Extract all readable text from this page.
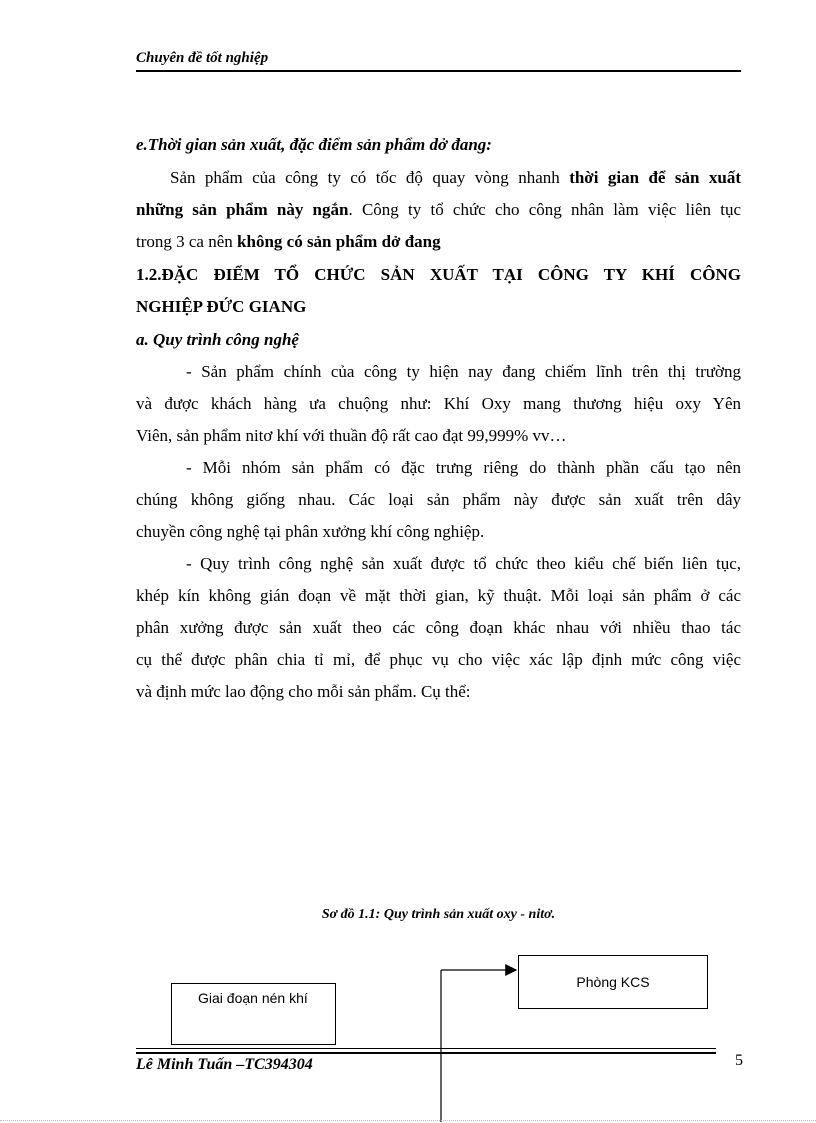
Chuyên đề tốt nghiệp
e.Thời gian sản xuất, đặc điểm sản phẩm dở đang:
Sản phẩm của công ty có tốc độ quay vòng nhanh thời gian để sản xuất
những sản phẩm này ngắn. Công ty tổ chức cho công nhân làm việc liên tục
trong 3 ca nên không có sản phẩm dở đang
1.2.ĐẶC ĐIỂM TỔ CHỨC SẢN XUẤT TẠI CÔNG TY KHÍ CÔNG
NGHIỆP ĐỨC GIANG
a. Quy trình công nghệ
- Sản phẩm chính của công ty hiện nay đang chiếm lĩnh trên thị trường
và được khách hàng ưa chuộng như: Khí Oxy mang thương hiệu oxy Yên
Viên, sản phẩm nitơ khí với thuần độ rất cao đạt 99,999% vv…
- Mỗi nhóm sản phẩm có đặc trưng riêng do thành phần cấu tạo nên
chúng không giống nhau. Các loại sản phẩm này được sản xuất trên dây
chuyền công nghệ tại phân xưởng khí công nghiệp.
- Quy trình công nghệ sản xuất được tổ chức theo kiểu chế biến liên tục,
khép kín không gián đoạn về mặt thời gian, kỹ thuật. Mỗi loại sản phẩm ở các
phân xưởng được sản xuất theo các công đoạn khác nhau với nhiều thao tác
cụ thể được phân chia tỉ mỉ, để phục vụ cho việc xác lập định mức công việc
và định mức lao động cho mỗi sản phẩm. Cụ thể:
Sơ đồ 1.1: Quy trình sản xuất oxy - nitơ.
Phòng KCS
Giai đoạn nén khí
Lê Minh Tuấn –TC394304	5
